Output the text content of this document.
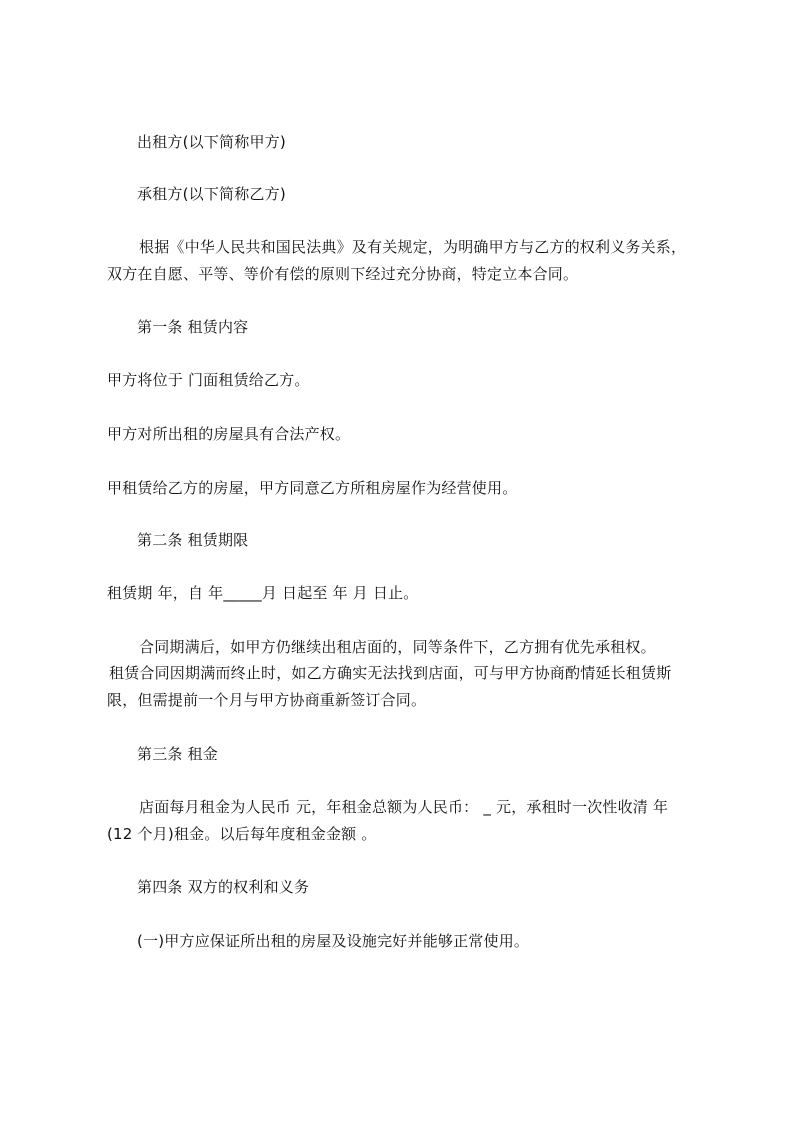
出租方(以下简称甲方)
承租方(以下简称乙方)
根据《中华人民共和国民法典》及有关规定，为明确甲方与乙方的权利义务关系，
双方在自愿、平等、等价有偿的原则下经过充分协商，特定立本合同。
第一条 租赁内容
甲方将位于 门面租赁给乙方。
甲方对所出租的房屋具有合法产权。
甲租赁给乙方的房屋，甲方同意乙方所租房屋作为经营使用。
第二条 租赁期限
租赁期 年，自 年_____月 日起至 年 月 日止。
合同期满后，如甲方仍继续出租店面的，同等条件下，乙方拥有优先承租权。
租赁合同因期满而终止时，如乙方确实无法找到店面，可与甲方协商酌情延长租赁斯
限，但需提前一个月与甲方协商重新签订合同。
第三条 租金
店面每月租金为人民币 元，年租金总额为人民币： _ 元，承租时一次性收清 年
(12 个月)租金。以后每年度租金金额 。
第四条 双方的权利和义务
(一)甲方应保证所出租的房屋及设施完好并能够正常使用。
